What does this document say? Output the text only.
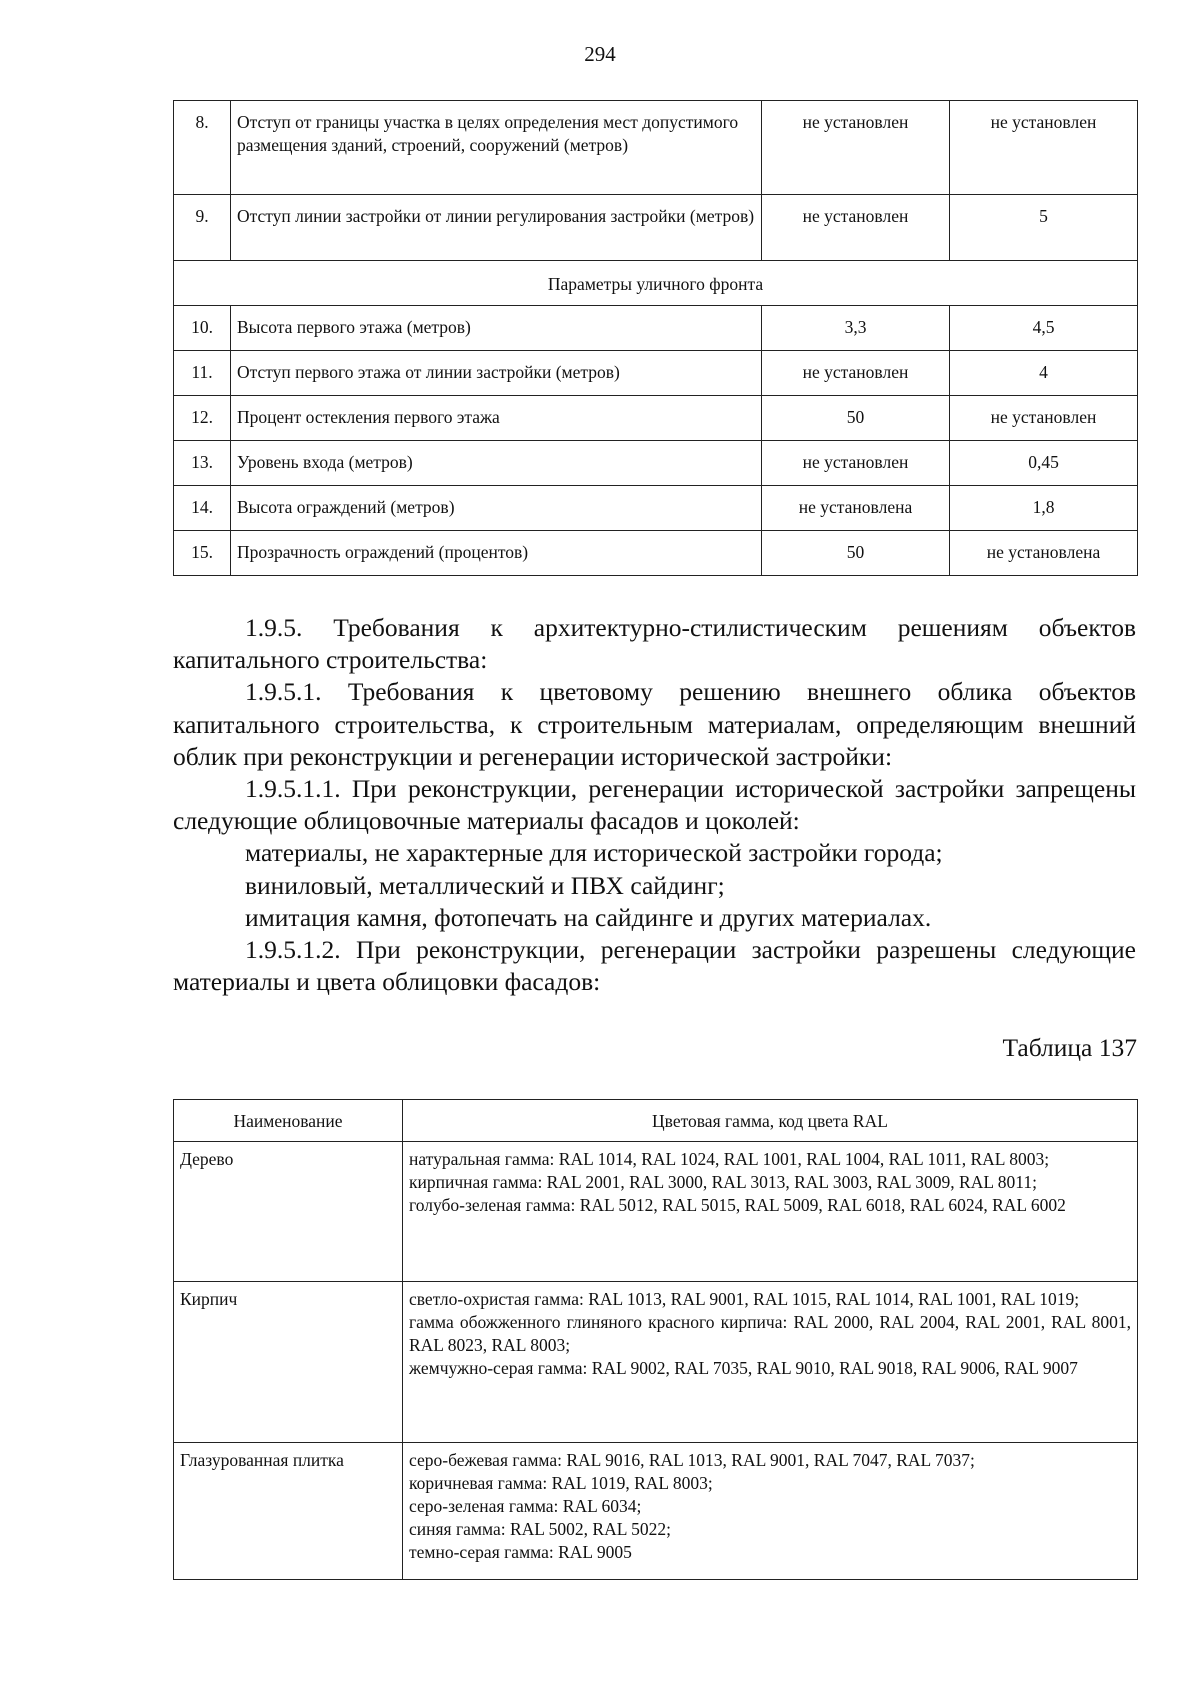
294
8.	Отступ от границы участка в целях определения мест допустимого размещения зданий, строений, сооружений (метров)	не установлен	не установлен
9.	Отступ линии застройки от линии регулирования застройки (метров)	не установлен	5
Параметры уличного фронта			
10.	Высота первого этажа (метров)	3,3	4,5
11.	Отступ первого этажа от линии застройки (метров)	не установлен	4
12.	Процент остекления первого этажа	50	не установлен
13.	Уровень входа (метров)	не установлен	0,45
14.	Высота ограждений (метров)	не установлена	1,8
15.	Прозрачность ограждений (процентов)	50	не установлена

1.9.5. Требования к архитектурно-стилистическим решениям объектов капитального строительства:

1.9.5.1. Требования к цветовому решению внешнего облика объектов капитального строительства, к строительным материалам, определяющим внешний облик при реконструкции и регенерации исторической застройки:

1.9.5.1.1. При реконструкции, регенерации исторической застройки запрещены следующие облицовочные материалы фасадов и цоколей:

материалы, не характерные для исторической застройки города;

виниловый, металлический и ПВХ сайдинг;

имитация камня, фотопечать на сайдинге и других материалах.

1.9.5.1.2. При реконструкции, регенерации застройки разрешены следующие материалы и цвета облицовки фасадов:

Таблица 137
Наименование	Цветовая гамма, код цвета RAL
Дерево	натуральная гамма: RAL 1014, RAL 1024, RAL 1001, RAL 1004, RAL 1011, RAL 8003;
кирпичная гамма: RAL 2001, RAL 3000, RAL 3013, RAL 3003, RAL 3009, RAL 8011;
голубо-зеленая гамма: RAL 5012, RAL 5015, RAL 5009, RAL 6018, RAL 6024, RAL 6002

Кирпич	светло-охристая гамма: RAL 1013, RAL 9001, RAL 1015, RAL 1014, RAL 1001, RAL 1019;
гамма обожженного глиняного красного кирпича: RAL 2000, RAL 2004, RAL 2001, RAL 8001, RAL 8023, RAL 8003;
жемчужно-серая гамма: RAL 9002, RAL 7035, RAL 9010, RAL 9018, RAL 9006, RAL 9007

Глазурованная плитка	серо-бежевая гамма: RAL 9016, RAL 1013, RAL 9001, RAL 7047, RAL 7037;
коричневая гамма: RAL 1019, RAL 8003;
серо-зеленая гамма: RAL 6034;
синяя гамма: RAL 5002, RAL 5022;
темно-серая гамма: RAL 9005
